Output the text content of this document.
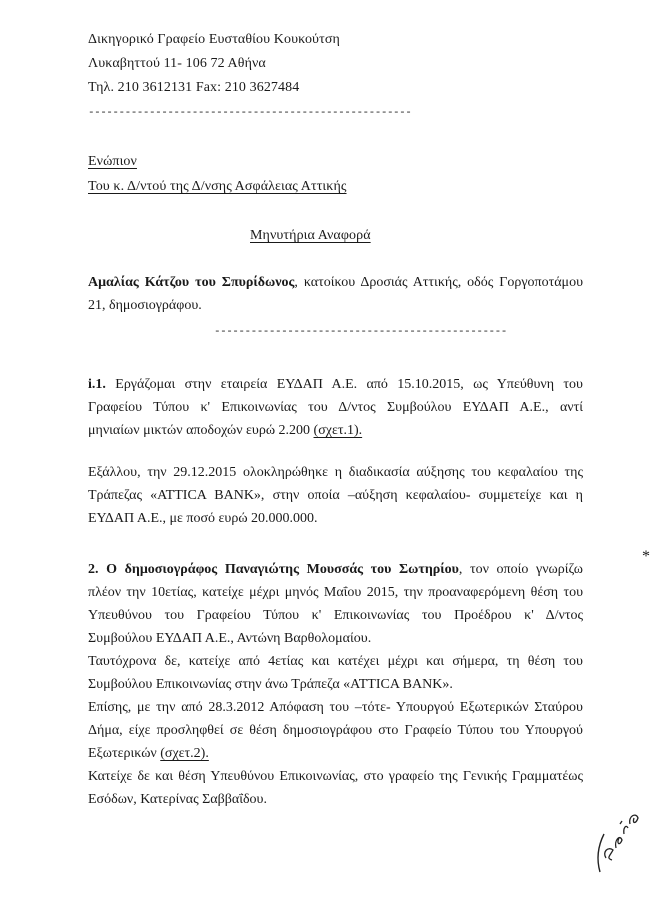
Δικηγορικό Γραφείο Ευσταθίου Κουκούτση
Λυκαβηττού 11- 106 72 Αθήνα
Τηλ. 210 3612131 Fax: 210 3627484
-----------------------------------------------------
Ενώπιον
Του κ. Δ/ντού της Δ/νσης Ασφάλειας Αττικής
Μηνυτήρια Αναφορά
Αμαλίας Κάτζου του Σπυρίδωνος, κατοίκου Δροσιάς Αττικής, οδός Γοργοποτάμου
21, δημοσιογράφου.
------------------------------------------------
i.1. Εργάζομαι στην εταιρεία ΕΥΔΑΠ Α.Ε. από 15.10.2015, ως Υπεύθυνη του
Γραφείου Τύπου κ' Επικοινωνίας του Δ/ντος Συμβούλου ΕΥΔΑΠ Α.Ε., αντί
μηνιαίων μικτών αποδοχών ευρώ 2.200 (σχετ.1).
Εξάλλου, την 29.12.2015 ολοκληρώθηκε η διαδικασία αύξησης του κεφαλαίου της
Τράπεζας «ATTICA BANK», στην οποία –αύξηση κεφαλαίου- συμμετείχε και η
ΕΥΔΑΠ Α.Ε., με ποσό ευρώ 20.000.000.
2. Ο δημοσιογράφος Παναγιώτης Μουσσάς του Σωτηρίου, τον οποίο γνωρίζω
πλέον την 10ετίας, κατείχε μέχρι μηνός Μαΐου 2015, την προαναφερόμενη θέση του
Υπευθύνου του Γραφείου Τύπου κ' Επικοινωνίας του Προέδρου κ' Δ/ντος
Συμβούλου ΕΥΔΑΠ Α.Ε., Αντώνη Βαρθολομαίου.
Ταυτόχρονα δε, κατείχε από 4ετίας και κατέχει μέχρι και σήμερα, τη θέση του
Συμβούλου Επικοινωνίας στην άνω Τράπεζα «ATTICA BANK».
Επίσης, με την από 28.3.2012 Απόφαση του –τότε- Υπουργού Εξωτερικών Σταύρου
Δήμα, είχε προσληφθεί σε θέση δημοσιογράφου στο Γραφείο Τύπου του Υπουργού
Εξωτερικών (σχετ.2).
Κατείχε δε και θέση Υπευθύνου Επικοινωνίας, στο γραφείο της Γενικής Γραμματέως
Εσόδων, Κατερίνας Σαββαΐδου.
*
